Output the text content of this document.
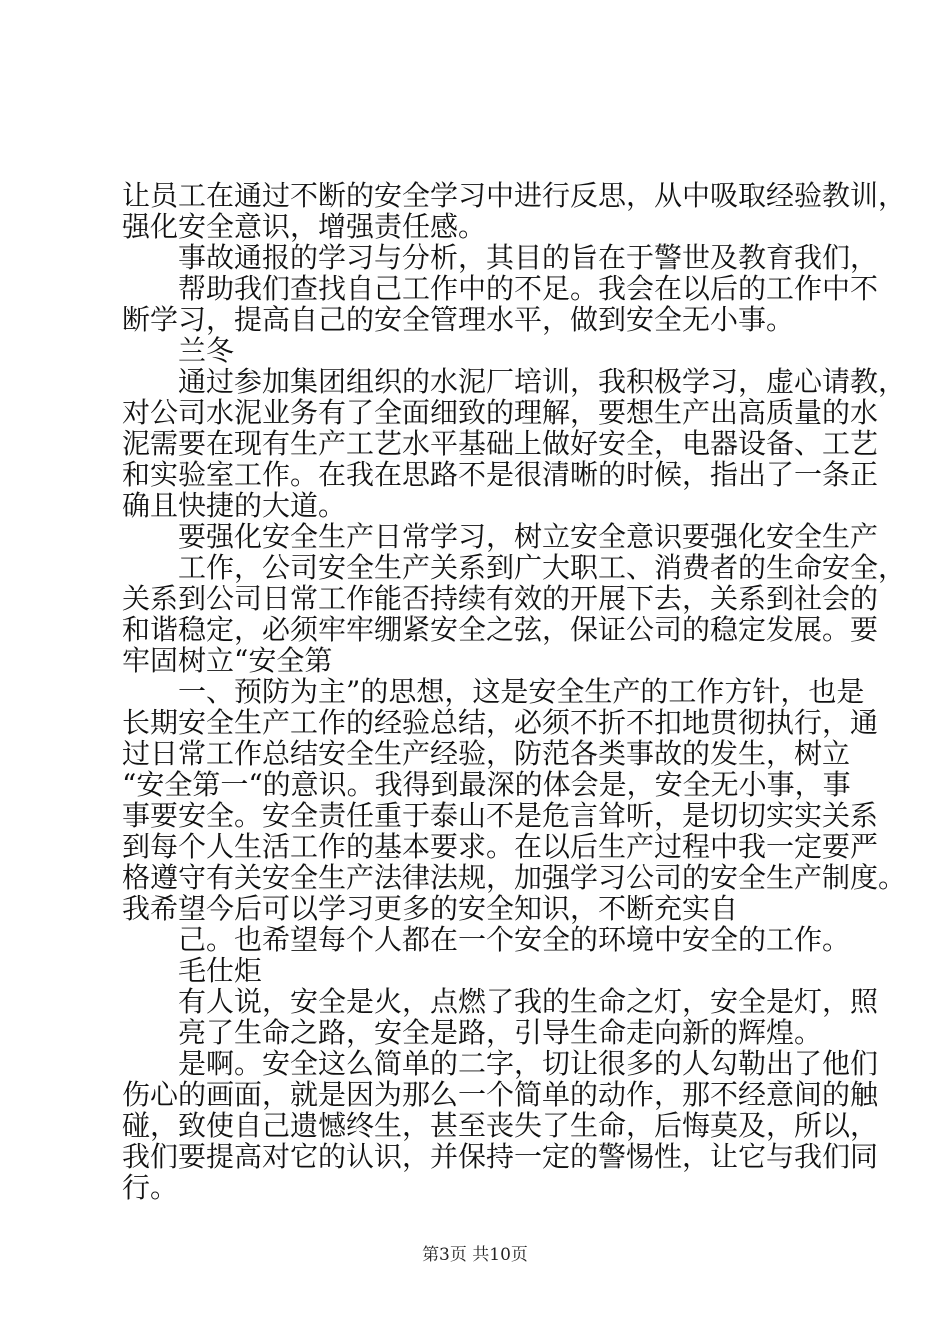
让员工在通过不断的安全学习中进行反思，从中吸取经验教训，
强化安全意识，增强责任感。
事故通报的学习与分析，其目的旨在于警世及教育我们，
帮助我们查找自己工作中的不足。我会在以后的工作中不
断学习，提高自己的安全管理水平，做到安全无小事。
兰冬
通过参加集团组织的水泥厂培训，我积极学习，虚心请教，
对公司水泥业务有了全面细致的理解，要想生产出高质量的水
泥需要在现有生产工艺水平基础上做好安全，电器设备、工艺
和实验室工作。在我在思路不是很清晰的时候，指出了一条正
确且快捷的大道。
要强化安全生产日常学习，树立安全意识要强化安全生产
工作，公司安全生产关系到广大职工、消费者的生命安全，
关系到公司日常工作能否持续有效的开展下去，关系到社会的
和谐稳定，必须牢牢绷紧安全之弦，保证公司的稳定发展。要
牢固树立“安全第
一、预防为主”的思想，这是安全生产的工作方针，也是
长期安全生产工作的经验总结，必须不折不扣地贯彻执行，通
过日常工作总结安全生产经验，防范各类事故的发生，树立
“安全第一“的意识。我得到最深的体会是，安全无小事，事
事要安全。安全责任重于泰山不是危言耸听，是切切实实关系
到每个人生活工作的基本要求。在以后生产过程中我一定要严
格遵守有关安全生产法律法规，加强学习公司的安全生产制度。
我希望今后可以学习更多的安全知识，不断充实自
己。也希望每个人都在一个安全的环境中安全的工作。
毛仕炬
有人说，安全是火，点燃了我的生命之灯，安全是灯，照
亮了生命之路，安全是路，引导生命走向新的辉煌。
是啊。安全这么简单的二字，切让很多的人勾勒出了他们
伤心的画面，就是因为那么一个简单的动作，那不经意间的触
碰，致使自己遗憾终生，甚至丧失了生命，后悔莫及，所以，
我们要提高对它的认识，并保持一定的警惕性，让它与我们同
行。
第3页 共10页
